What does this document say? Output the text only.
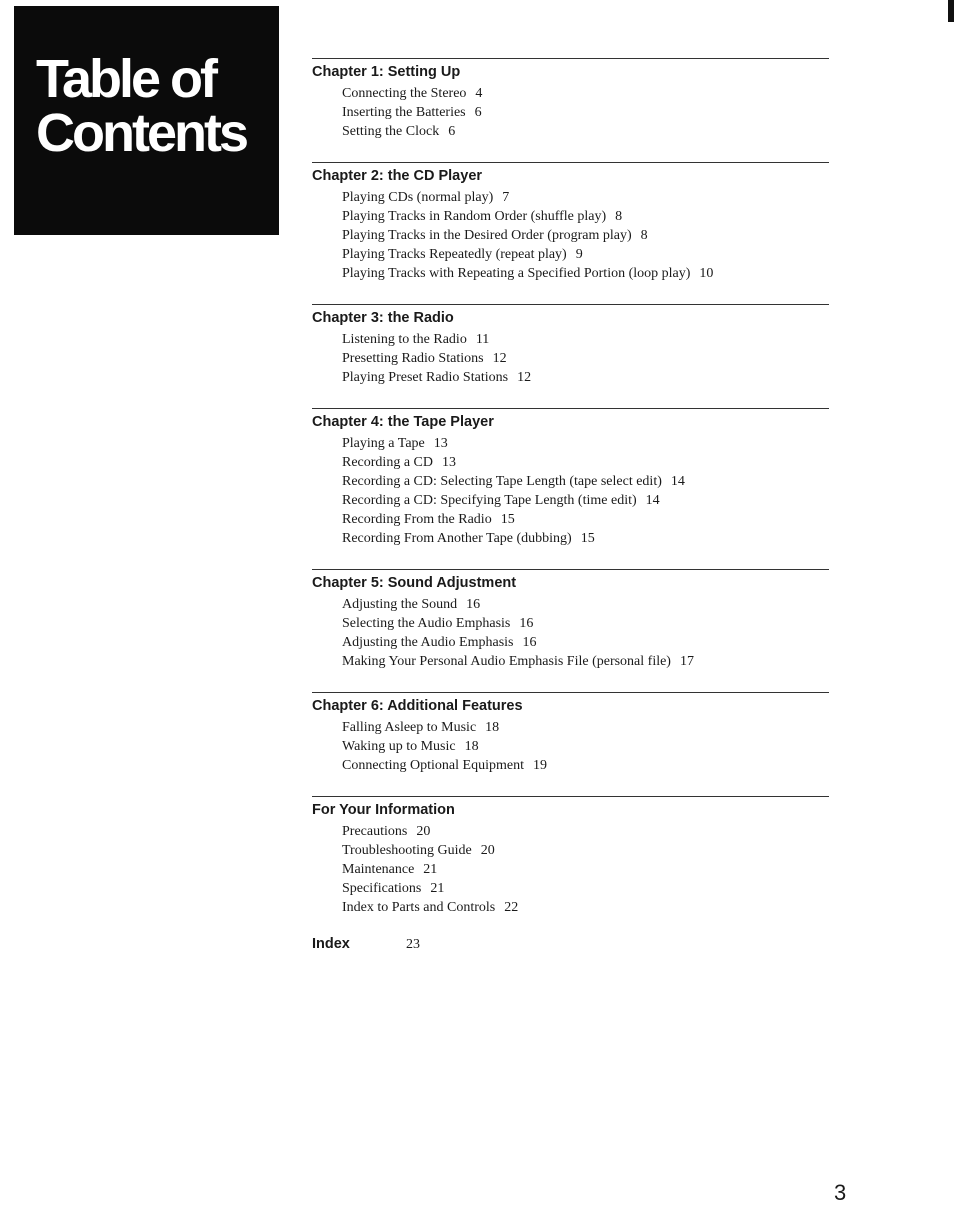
Table of
Contents
Chapter 1: Setting Up
Connecting the Stereo 4
Inserting the Batteries 6
Setting the Clock 6
Chapter 2: the CD Player
Playing CDs (normal play) 7
Playing Tracks in Random Order (shuffle play) 8
Playing Tracks in the Desired Order (program play) 8
Playing Tracks Repeatedly (repeat play) 9
Playing Tracks with Repeating a Specified Portion (loop play) 10
Chapter 3: the Radio
Listening to the Radio 11
Presetting Radio Stations 12
Playing Preset Radio Stations 12
Chapter 4: the Tape Player
Playing a Tape 13
Recording a CD 13
Recording a CD: Selecting Tape Length (tape select edit) 14
Recording a CD: Specifying Tape Length (time edit) 14
Recording From the Radio 15
Recording From Another Tape (dubbing) 15
Chapter 5: Sound Adjustment
Adjusting the Sound 16
Selecting the Audio Emphasis 16
Adjusting the Audio Emphasis 16
Making Your Personal Audio Emphasis File (personal file) 17
Chapter 6: Additional Features
Falling Asleep to Music 18
Waking up to Music 18
Connecting Optional Equipment 19
For Your Information
Precautions 20
Troubleshooting Guide 20
Maintenance 21
Specifications 21
Index to Parts and Controls 22
Index	23
3
